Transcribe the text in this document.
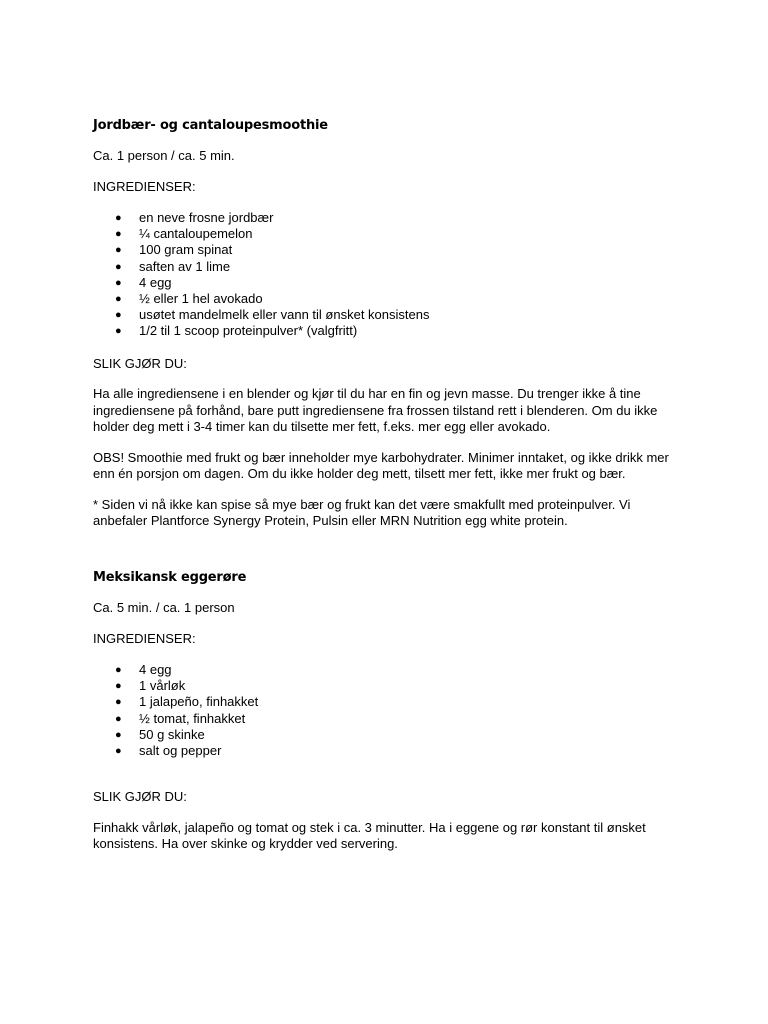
Jordbær- og cantaloupesmoothie

Ca. 1 person / ca. 5 min.

INGREDIENSER:

● en neve frosne jordbær
● ¼ cantaloupemelon
● 100 gram spinat
● saften av 1 lime
● 4 egg
● ½ eller 1 hel avokado
● usøtet mandelmelk eller vann til ønsket konsistens
● 1/2 til 1 scoop proteinpulver* (valgfritt)

SLIK GJØR DU:

Ha alle ingrediensene i en blender og kjør til du har en fin og jevn masse. Du trenger ikke å tine
ingrediensene på forhånd, bare putt ingrediensene fra frossen tilstand rett i blenderen. Om du ikke
holder deg mett i 3-4 timer kan du tilsette mer fett, f.eks. mer egg eller avokado.
OBS! Smoothie med frukt og bær inneholder mye karbohydrater. Minimer inntaket, og ikke drikk mer
enn én porsjon om dagen. Om du ikke holder deg mett, tilsett mer fett, ikke mer frukt og bær.
* Siden vi nå ikke kan spise så mye bær og frukt kan det være smakfullt med proteinpulver. Vi
anbefaler Plantforce Synergy Protein, Pulsin eller MRN Nutrition egg white protein.
Meksikansk eggerøre

Ca. 5 min. / ca. 1 person

INGREDIENSER:

● 4 egg
● 1 vårløk
● 1 jalapeño, finhakket
● ½ tomat, finhakket
● 50 g skinke
● salt og pepper

SLIK GJØR DU:

Finhakk vårløk, jalapeño og tomat og stek i ca. 3 minutter. Ha i eggene og rør konstant til ønsket
konsistens. Ha over skinke og krydder ved servering.
